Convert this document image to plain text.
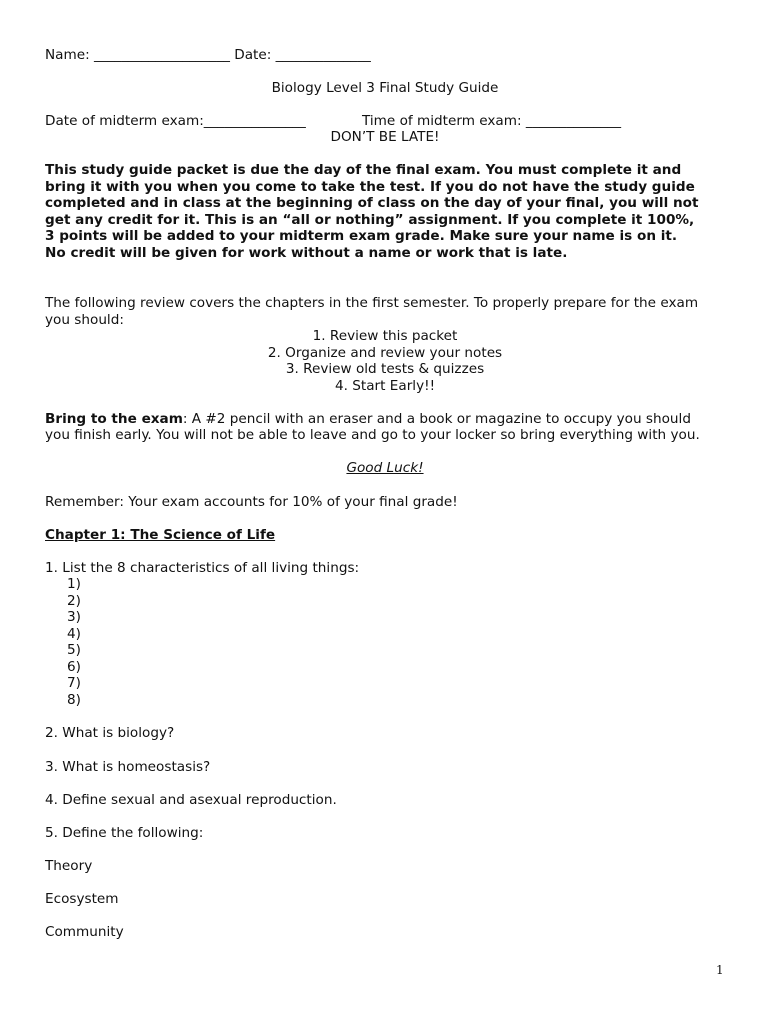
Name: ____________________ Date: ______________
Biology Level 3 Final Study Guide
Date of midterm exam:_______________	Time of midterm exam: ______________
DON’T BE LATE!
This study guide packet is due the day of the final exam. You must complete it and
bring it with you when you come to take the test. If you do not have the study guide
completed and in class at the beginning of class on the day of your final, you will not
get any credit for it. This is an “all or nothing” assignment. If you complete it 100%,
3 points will be added to your midterm exam grade. Make sure your name is on it.
No credit will be given for work without a name or work that is late.
The following review covers the chapters in the first semester. To properly prepare for the exam
you should:
1. Review this packet
2. Organize and review your notes
3. Review old tests & quizzes
4. Start Early!!
Bring to the exam: A #2 pencil with an eraser and a book or magazine to occupy you should
you finish early. You will not be able to leave and go to your locker so bring everything with you.
Good Luck!
Remember: Your exam accounts for 10% of your final grade!
Chapter 1: The Science of Life
1. List the 8 characteristics of all living things:
1)
2)
3)
4)
5)
6)
7)
8)
2. What is biology?
3. What is homeostasis?
4. Define sexual and asexual reproduction.
5. Define the following:
Theory
Ecosystem
Community
1
